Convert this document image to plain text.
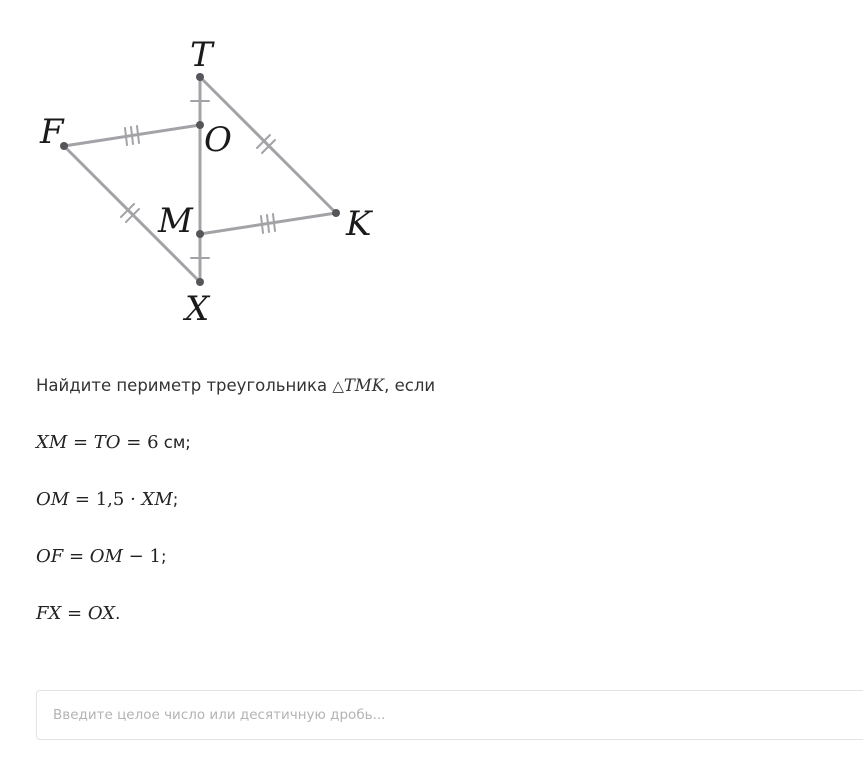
T
O
F
K
M
X
Найдите периметр треугольника △TMK, если
XM = TO = 6 см;
OM = 1,5 · XM;
OF = OM − 1;
FX = OX.
Введите целое число или десятичную дробь...
